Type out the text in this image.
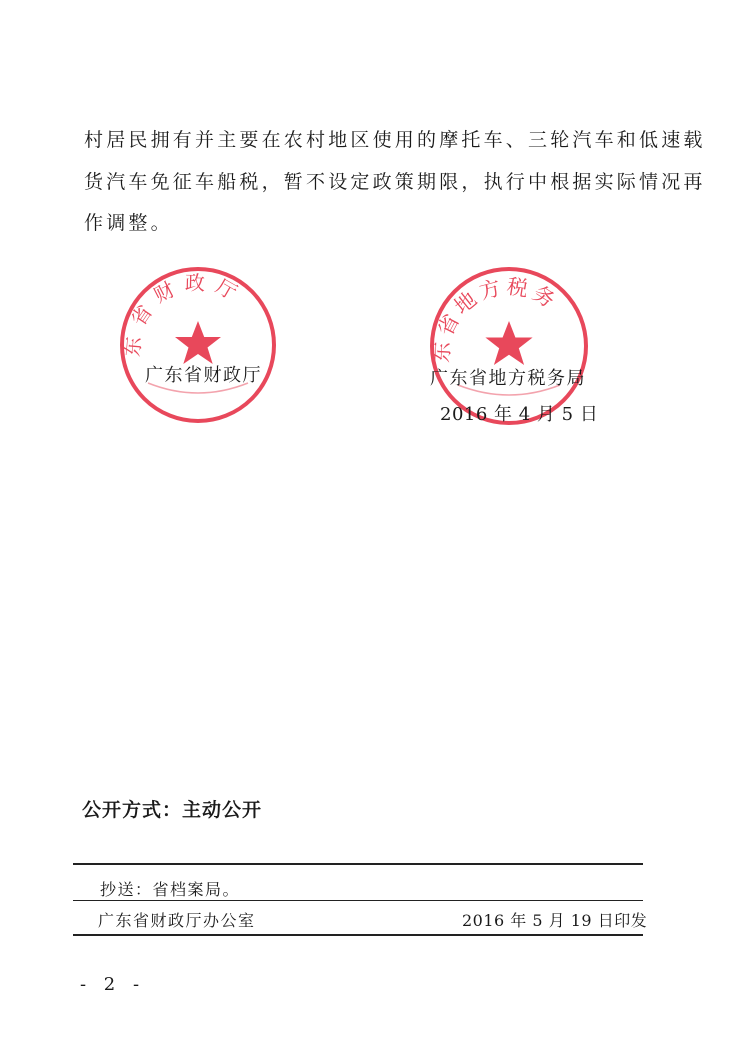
村居民拥有并主要在农村地区使用的摩托车、三轮汽车和低速载
货汽车免征车船税，暂不设定政策期限，执行中根据实际情况再
作调整。
东省财政厅
东省地方税务
广东省财政厅	广东省地方税务局
2016 年 4 月 5 日
公开方式：主动公开
抄送：省档案局。
广东省财政厅办公室	2016 年 5 月 19 日印发
- 2 -
